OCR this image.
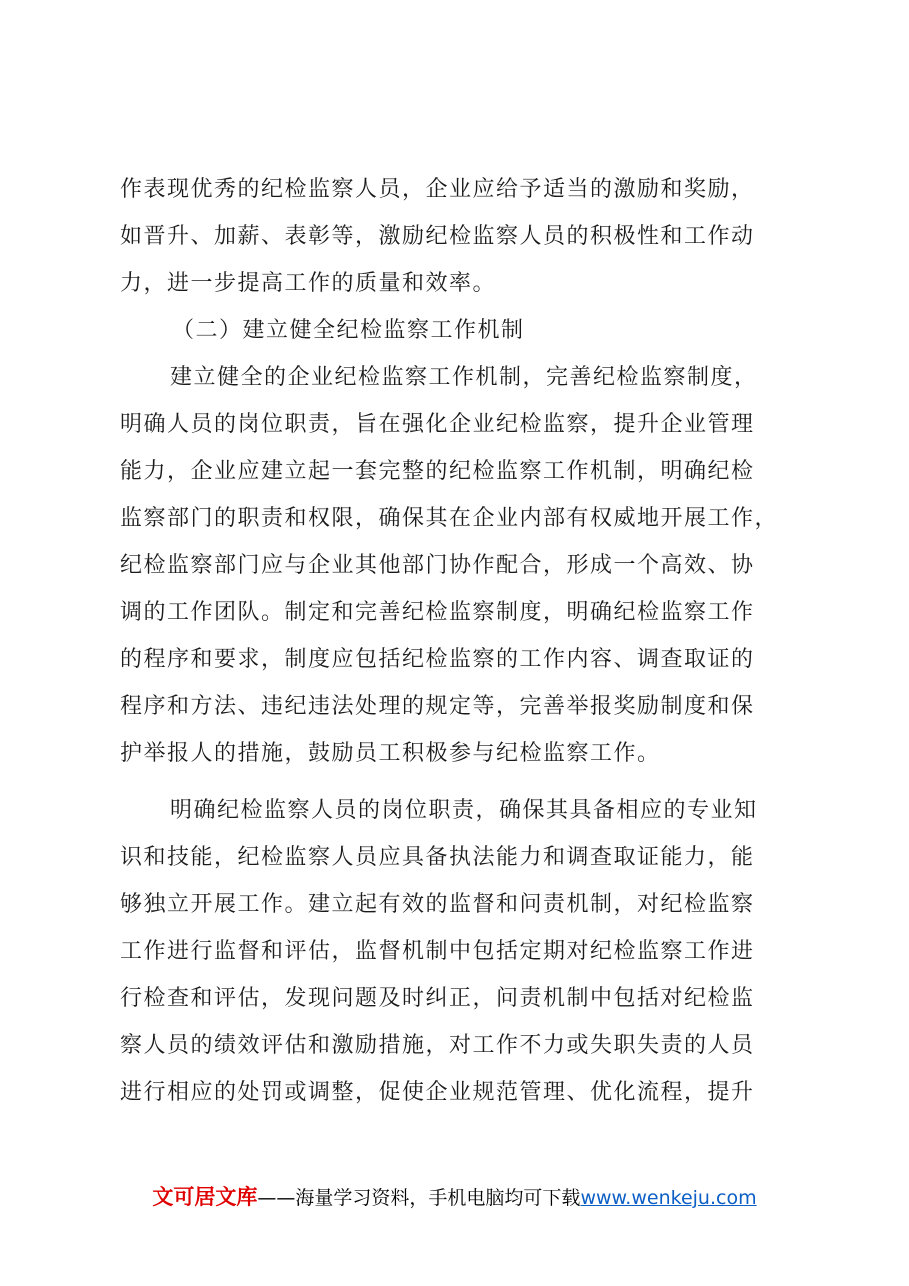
作表现优秀的纪检监察人员，企业应给予适当的激励和奖励，
如晋升、加薪、表彰等，激励纪检监察人员的积极性和工作动
力，进一步提高工作的质量和效率。
（二）建立健全纪检监察工作机制
建立健全的企业纪检监察工作机制，完善纪检监察制度，
明确人员的岗位职责，旨在强化企业纪检监察，提升企业管理
能力，企业应建立起一套完整的纪检监察工作机制，明确纪检
监察部门的职责和权限，确保其在企业内部有权威地开展工作，
纪检监察部门应与企业其他部门协作配合，形成一个高效、协
调的工作团队。制定和完善纪检监察制度，明确纪检监察工作
的程序和要求，制度应包括纪检监察的工作内容、调查取证的
程序和方法、违纪违法处理的规定等，完善举报奖励制度和保
护举报人的措施，鼓励员工积极参与纪检监察工作。
明确纪检监察人员的岗位职责，确保其具备相应的专业知
识和技能，纪检监察人员应具备执法能力和调查取证能力，能
够独立开展工作。建立起有效的监督和问责机制，对纪检监察
工作进行监督和评估，监督机制中包括定期对纪检监察工作进
行检查和评估，发现问题及时纠正，问责机制中包括对纪检监
察人员的绩效评估和激励措施，对工作不力或失职失责的人员
进行相应的处罚或调整，促使企业规范管理、优化流程，提升
文可居文库——海量学习资料，手机电脑均可下载www.wenkeju.com
